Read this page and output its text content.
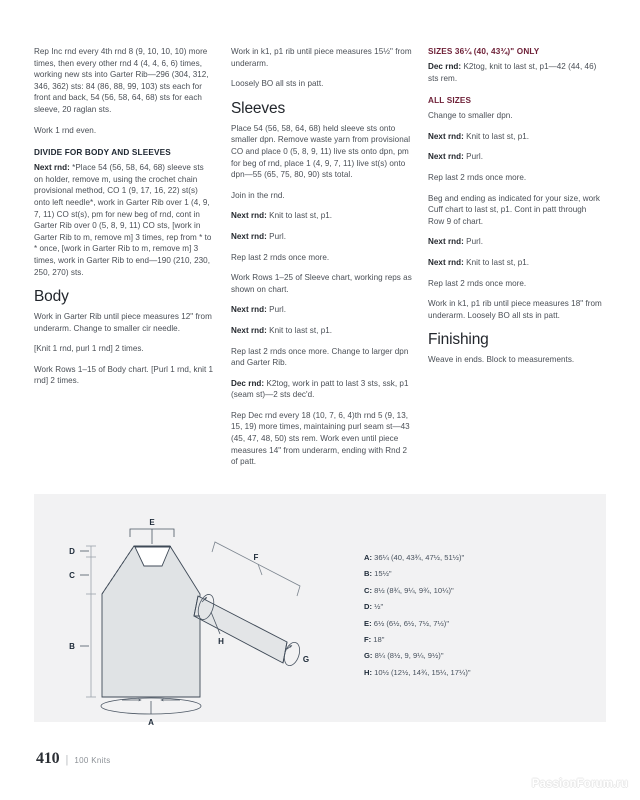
Rep Inc rnd every 4th rnd 8 (9, 10, 10, 10) more times, then every other rnd 4 (4, 4, 6, 6) times, working new sts into Garter Rib—296 (304, 312, 346, 362) sts: 84 (86, 88, 99, 103) sts each for front and back, 54 (56, 58, 64, 68) sts for each sleeve, 20 raglan sts.

Work 1 rnd even.

DIVIDE FOR BODY AND SLEEVES

Next rnd: *Place 54 (56, 58, 64, 68) sleeve sts on holder, remove m, using the crochet chain provisional method, CO 1 (9, 17, 16, 22) st(s) onto left needle*, work in Garter Rib over 1 (4, 9, 7, 11) CO st(s), pm for new beg of rnd, cont in Garter Rib over 0 (5, 8, 9, 11) CO sts, [work in Garter Rib to m, remove m] 3 times, rep from * to * once, [work in Garter Rib to m, remove m] 3 times, work in Garter Rib to end—190 (210, 230, 250, 270) sts.

Body

Work in Garter Rib until piece measures 12" from underarm. Change to smaller cir needle.

[Knit 1 rnd, purl 1 rnd] 2 times.

Work Rows 1–15 of Body chart. [Purl 1 rnd, knit 1 rnd] 2 times.

Work in k1, p1 rib until piece measures 15½" from underarm.

Loosely BO all sts in patt.

Sleeves

Place 54 (56, 58, 64, 68) held sleeve sts onto smaller dpn. Remove waste yarn from provisional CO and place 0 (5, 8, 9, 11) live sts onto dpn, pm for beg of rnd, place 1 (4, 9, 7, 11) live st(s) onto dpn—55 (65, 75, 80, 90) sts total.

Join in the rnd.

Next rnd: Knit to last st, p1.

Next rnd: Purl.

Rep last 2 rnds once more.

Work Rows 1–25 of Sleeve chart, working reps as shown on chart.

Next rnd: Purl.

Next rnd: Knit to last st, p1.

Rep last 2 rnds once more. Change to larger dpn and Garter Rib.

Dec rnd: K2tog, work in patt to last 3 sts, ssk, p1 (seam st)—2 sts dec'd.

Rep Dec rnd every 18 (10, 7, 6, 4)th rnd 5 (9, 13, 15, 19) more times, maintaining purl seam st—43 (45, 47, 48, 50) sts rem. Work even until piece measures 14" from underarm, ending with Rnd 2 of patt.

SIZES 36¼ (40, 43¾)" ONLY

Dec rnd: K2tog, knit to last st, p1—42 (44, 46) sts rem.

ALL SIZES

Change to smaller dpn.

Next rnd: Knit to last st, p1.

Next rnd: Purl.

Rep last 2 rnds once more.

Beg and ending as indicated for your size, work Cuff chart to last st, p1. Cont in patt through Row 9 of chart.

Next rnd: Purl.

Next rnd: Knit to last st, p1.

Rep last 2 rnds once more.

Work in k1, p1 rib until piece measures 18" from underarm. Loosely BO all sts in patt.

Finishing

Weave in ends. Block to measurements.

A
D
C
B
E
F
G
H
A: 36¼ (40, 43¾, 47½, 51½)"
B: 15½"
C: 8½ (8¾, 9¼, 9¾, 10¼)"
D: ½"
E: 6½ (6½, 6½, 7½, 7½)"
F: 18"
G: 8¼ (8½, 9, 9¼, 9½)"
H: 10½ (12½, 14¾, 15¼, 17¼)"
410 | 100 Knits
PassionForum.ru
